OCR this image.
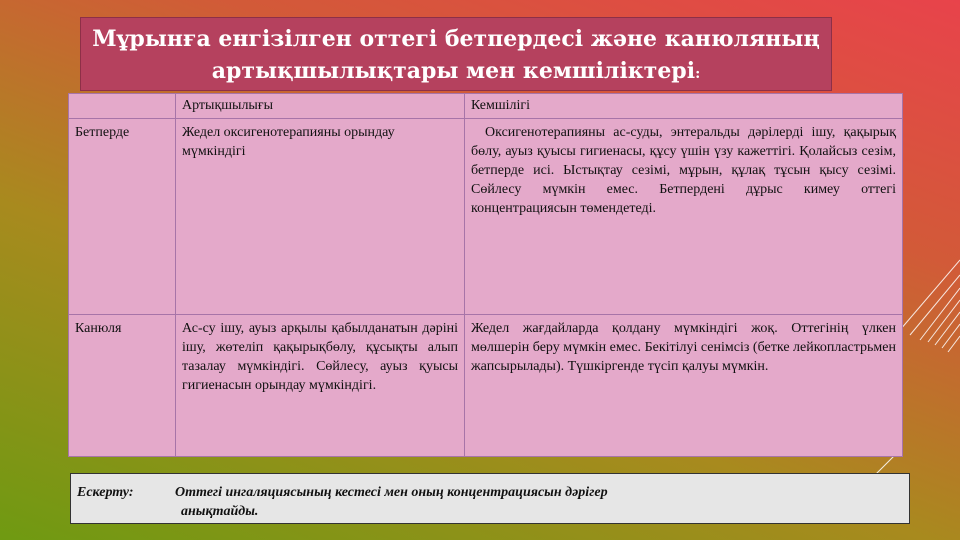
Мұрынға енгізілген оттегі бетпердесі және канюляның
артықшылықтары мен кемшіліктері:
	Артықшылығы	Кемшілігі
Бетперде	Жедел оксигенотерапияны орындау мүмкіндігі	Оксигенотерапияны ас-суды, энтеральды дәрілерді ішу, қақырық бөлу, ауыз қуысы гигиенасы, құсу үшін үзу кажеттігі. Қолайсыз сезім, бетперде исі. Ыстықтау сезімі, мұрын, құлақ тұсын қысу сезімі. Сөйлесу мүмкін емес. Бетпердені дұрыс кимеу оттегі концентрациясын төмендетеді.
Канюля	Ас-су ішу, ауыз арқылы қабылданатын дәріні ішу, жөтеліп қақырықбөлу, құсықты алып тазалау мүмкіндігі. Сөйлесу, ауыз қуысы гигиенасын орындау мүмкіндігі.	Жедел жағдайларда қолдану мүмкіндігі жоқ. Оттегінің үлкен мөлшерін беру мүмкін емес. Бекітілуі сенімсіз (бетке лейкопластрьмен жапсырылады). Түшкіргенде түсіп қалуы мүмкін.
Ескерту:	Оттегі ингаляциясының кестесі мен оның концентрациясын дәрігер
анықтайды.
